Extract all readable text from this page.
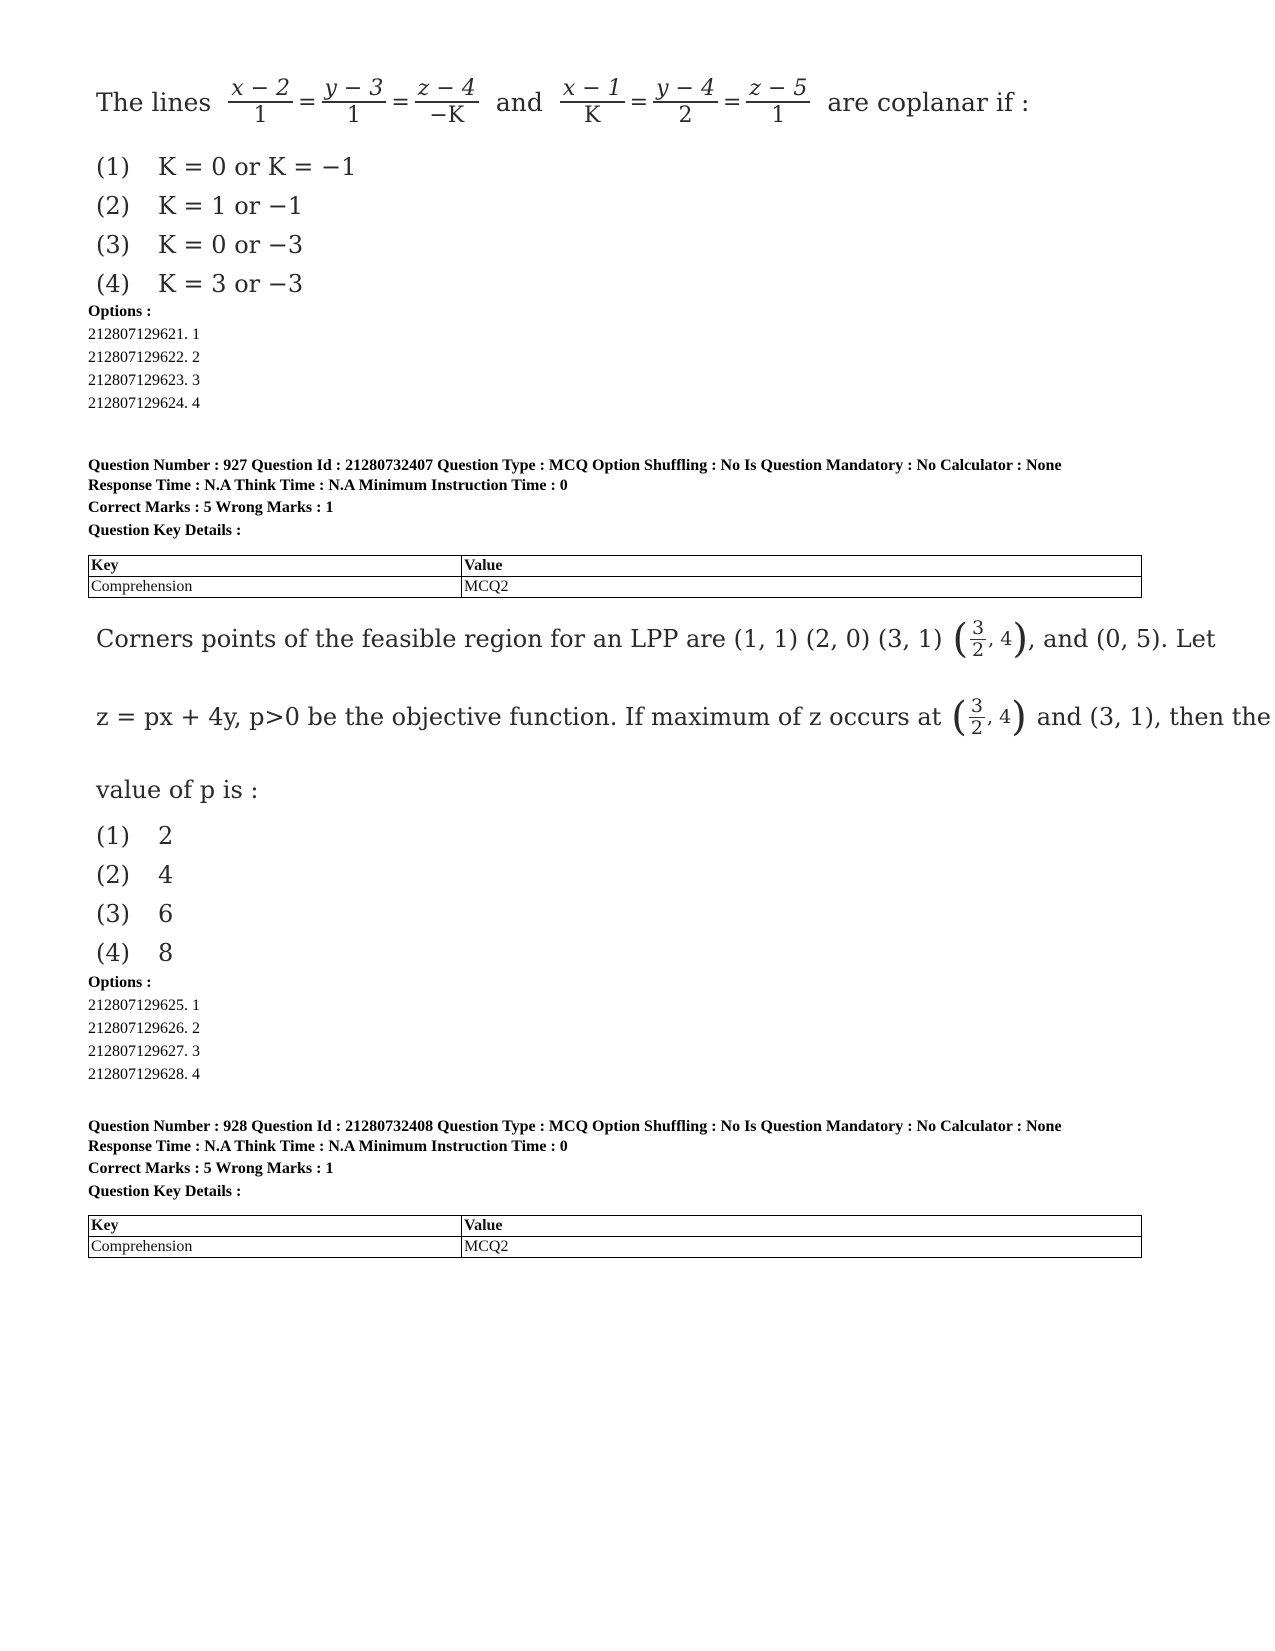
The lines $\frac{x - 2}{1} = \frac{y - 3}{1} = \frac{z - 4}{-K}$ and $\frac{x - 1}{K} = \frac{y - 4}{2} = \frac{z - 5}{1}$ are coplanar if :
(1)	K = 0 or K = −1
(2)	K = 1 or −1
(3)	K = 0 or −3
(4)	K = 3 or −3
Options :
212807129621. 1
212807129622. 2
212807129623. 3
212807129624. 4
Question Number : 927 Question Id : 21280732407 Question Type : MCQ Option Shuffling : No Is Question Mandatory : No Calculator : None
Response Time : N.A Think Time : N.A Minimum Instruction Time : 0
Correct Marks : 5 Wrong Marks : 1
Question Key Details :
Key	Value
Comprehension	MCQ2
Corners points of the feasible region for an LPP are (1, 1) (2, 0) (3, 1) ( $\frac{3}{2}$ , 4 ) , and (0, 5). Let
z = px + 4y, p>0 be the objective function. If maximum of z occurs at ( $\frac{3}{2}$ , 4 ) and (3, 1), then the
value of p is :
(1)	2
(2)	4
(3)	6
(4)	8
Options :
212807129625. 1
212807129626. 2
212807129627. 3
212807129628. 4
Question Number : 928 Question Id : 21280732408 Question Type : MCQ Option Shuffling : No Is Question Mandatory : No Calculator : None
Response Time : N.A Think Time : N.A Minimum Instruction Time : 0
Correct Marks : 5 Wrong Marks : 1
Question Key Details :
Key	Value
Comprehension	MCQ2
